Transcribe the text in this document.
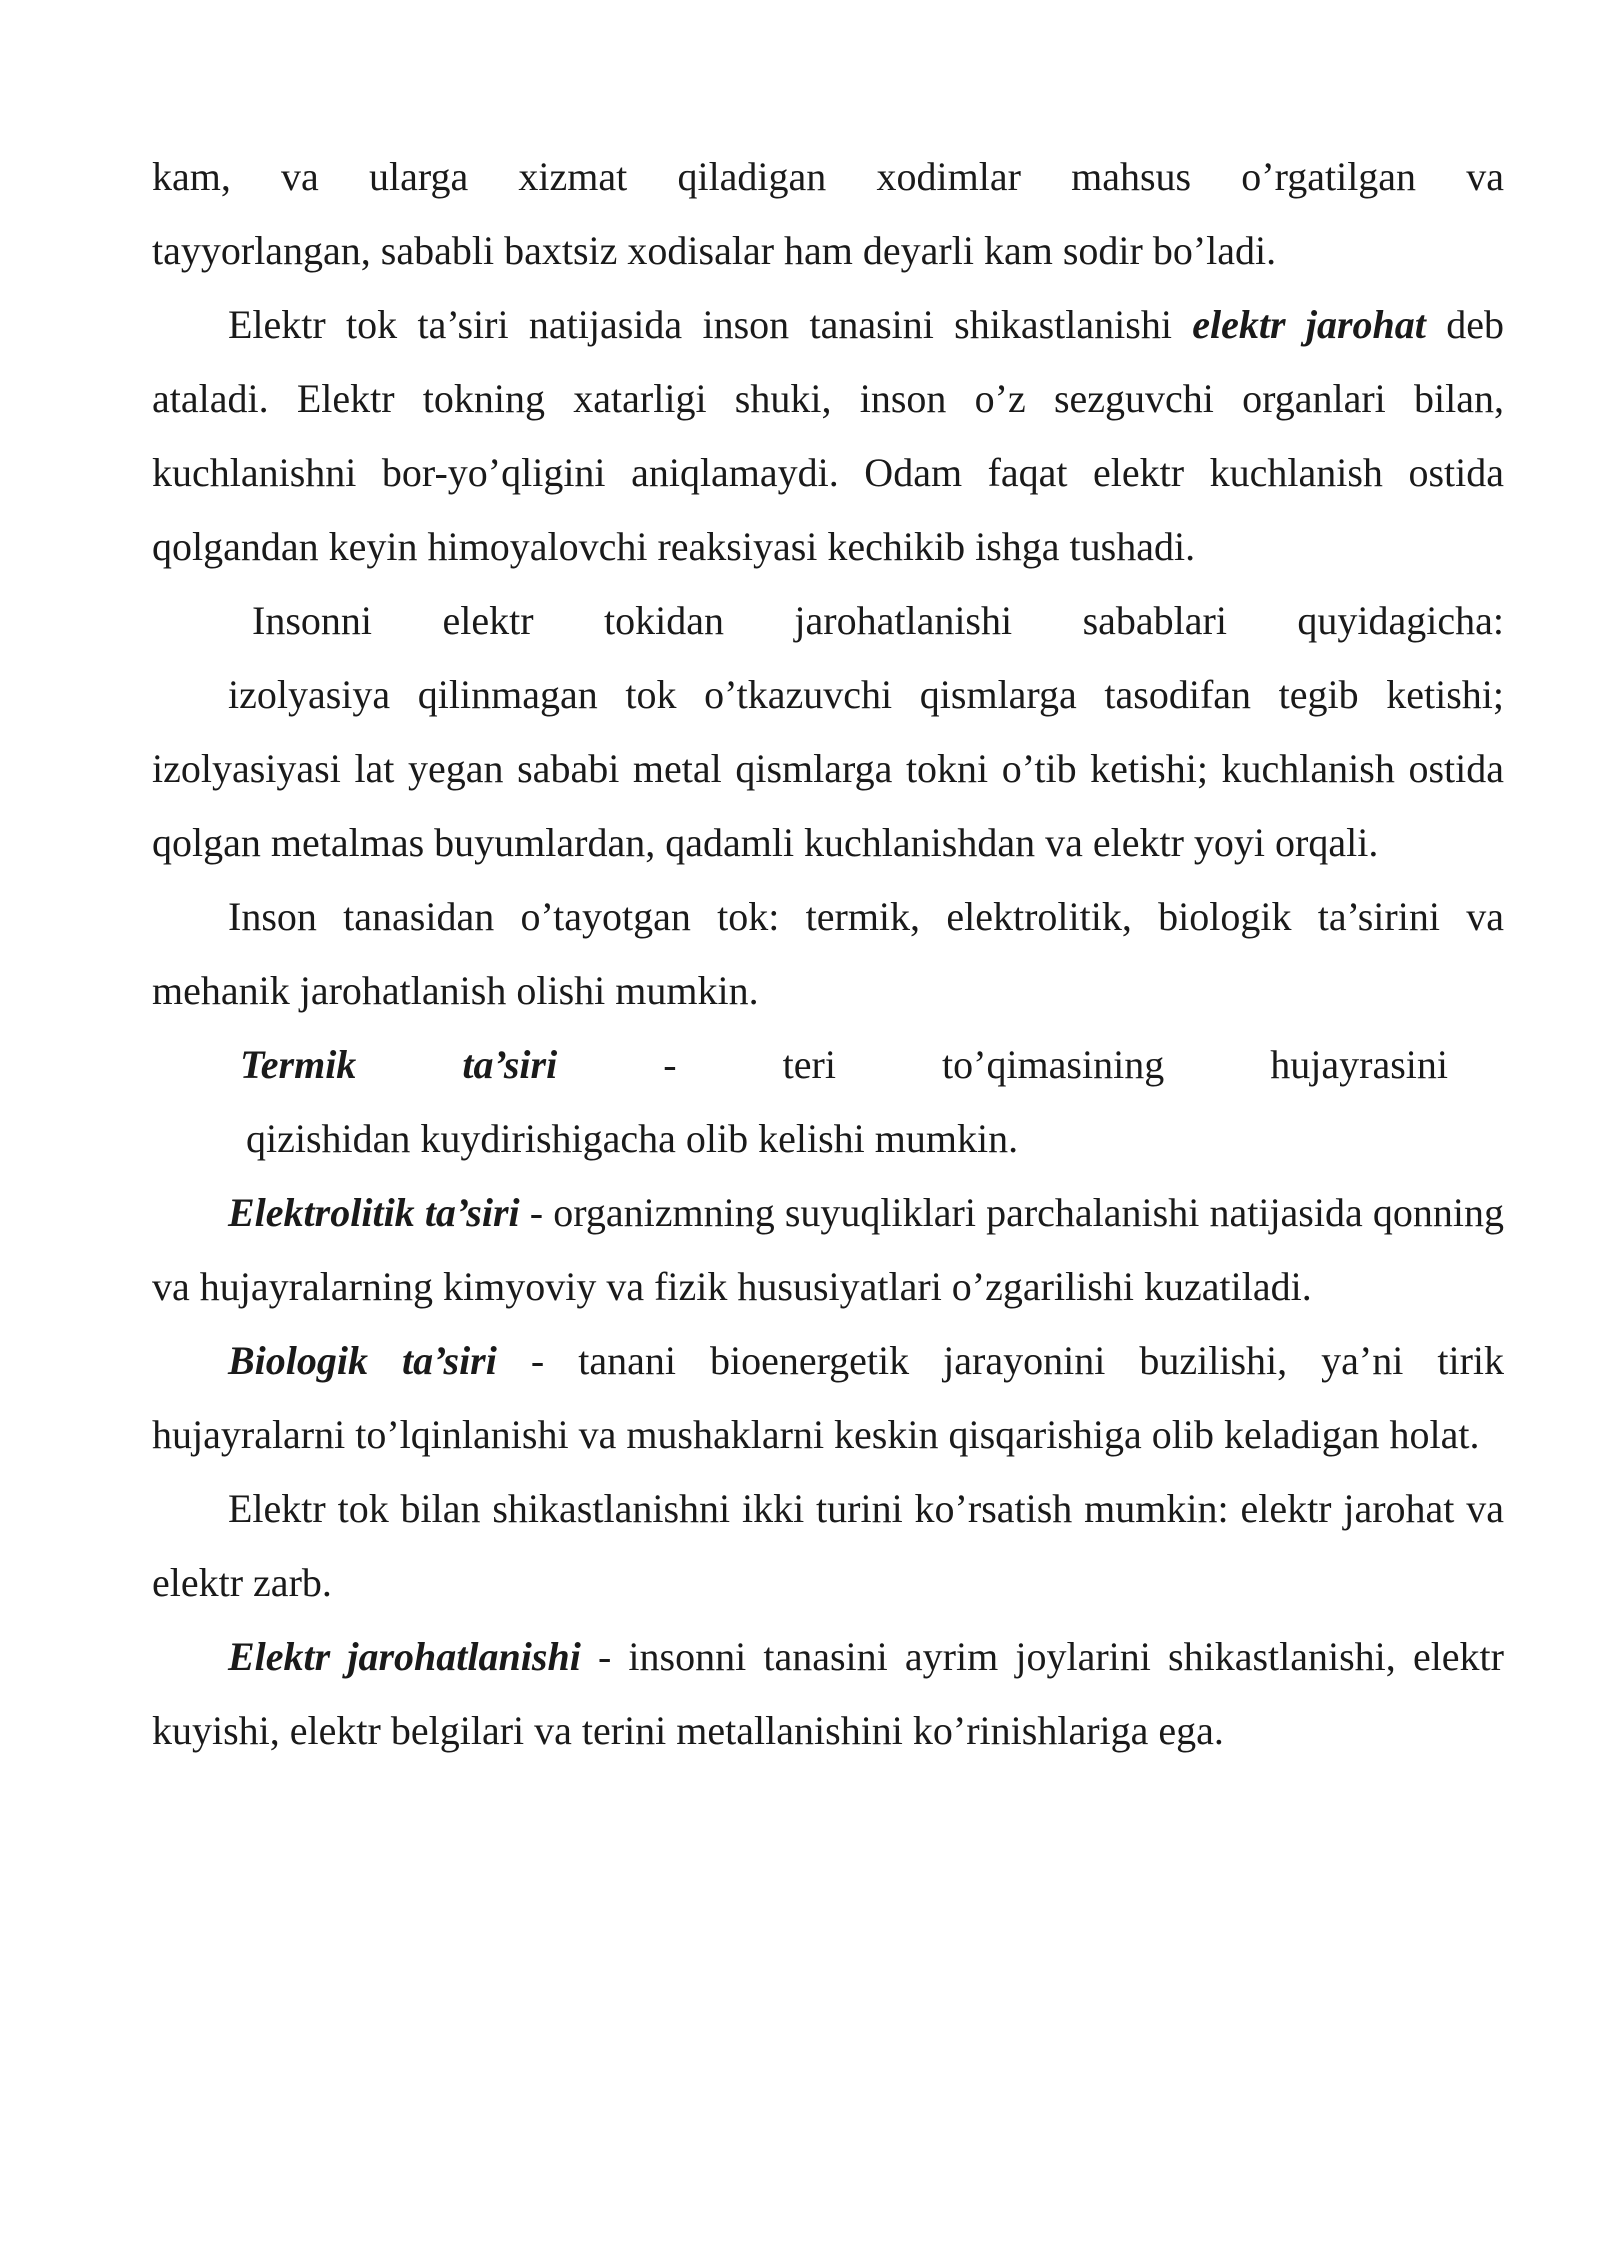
kam, va ularga xizmat qiladigan xodimlar mahsus o’rgatilgan va
tayyorlangan, sababli baxtsiz xodisalar ham deyarli kam sodir bo’ladi.

Elektr tok ta’siri natijasida inson tanasini shikastlanishi elektr jarohat deb ataladi. Elektr tokning xatarligi shuki, inson o’z sezguvchi organlari bilan, kuchlanishni bor-yo’qligini aniqlamaydi. Odam faqat elektr kuchlanish ostida qolgandan keyin himoyalovchi reaksiyasi kechikib ishga tushadi.

Insonni elektr tokidan jarohatlanishi sabablari quyidagicha:

izolyasiya qilinmagan tok o’tkazuvchi qismlarga tasodifan tegib ketishi; izolyasiyasi lat yegan sababi metal qismlarga tokni o’tib ketishi; kuchlanish ostida qolgan metalmas buyumlardan, qadamli kuchlanishdan va elektr yoyi orqali.

Inson tanasidan o’tayotgan tok: termik, elektrolitik, biologik ta’sirini va mehanik jarohatlanish olishi mumkin.

Termik ta’siri	- teri to’qimasining hujayrasini
qizishidan kuydirishigacha olib kelishi mumkin.

Elektrolitik ta’siri - organizmning suyuqliklari parchalanishi natijasida qonning va hujayralarning kimyoviy va fizik hususiyatlari o’zgarilishi kuzatiladi.

Biologik ta’siri - tanani bioenergetik jarayonini buzilishi, ya’ni tirik hujayralarni to’lqinlanishi va mushaklarni keskin qisqarishiga olib keladigan holat.

Elektr tok bilan shikastlanishni ikki turini ko’rsatish mumkin: elektr jarohat va elektr zarb.

Elektr jarohatlanishi - insonni tanasini ayrim joylarini shikastlanishi, elektr kuyishi, elektr belgilari va terini metallanishini ko’rinishlariga ega.
